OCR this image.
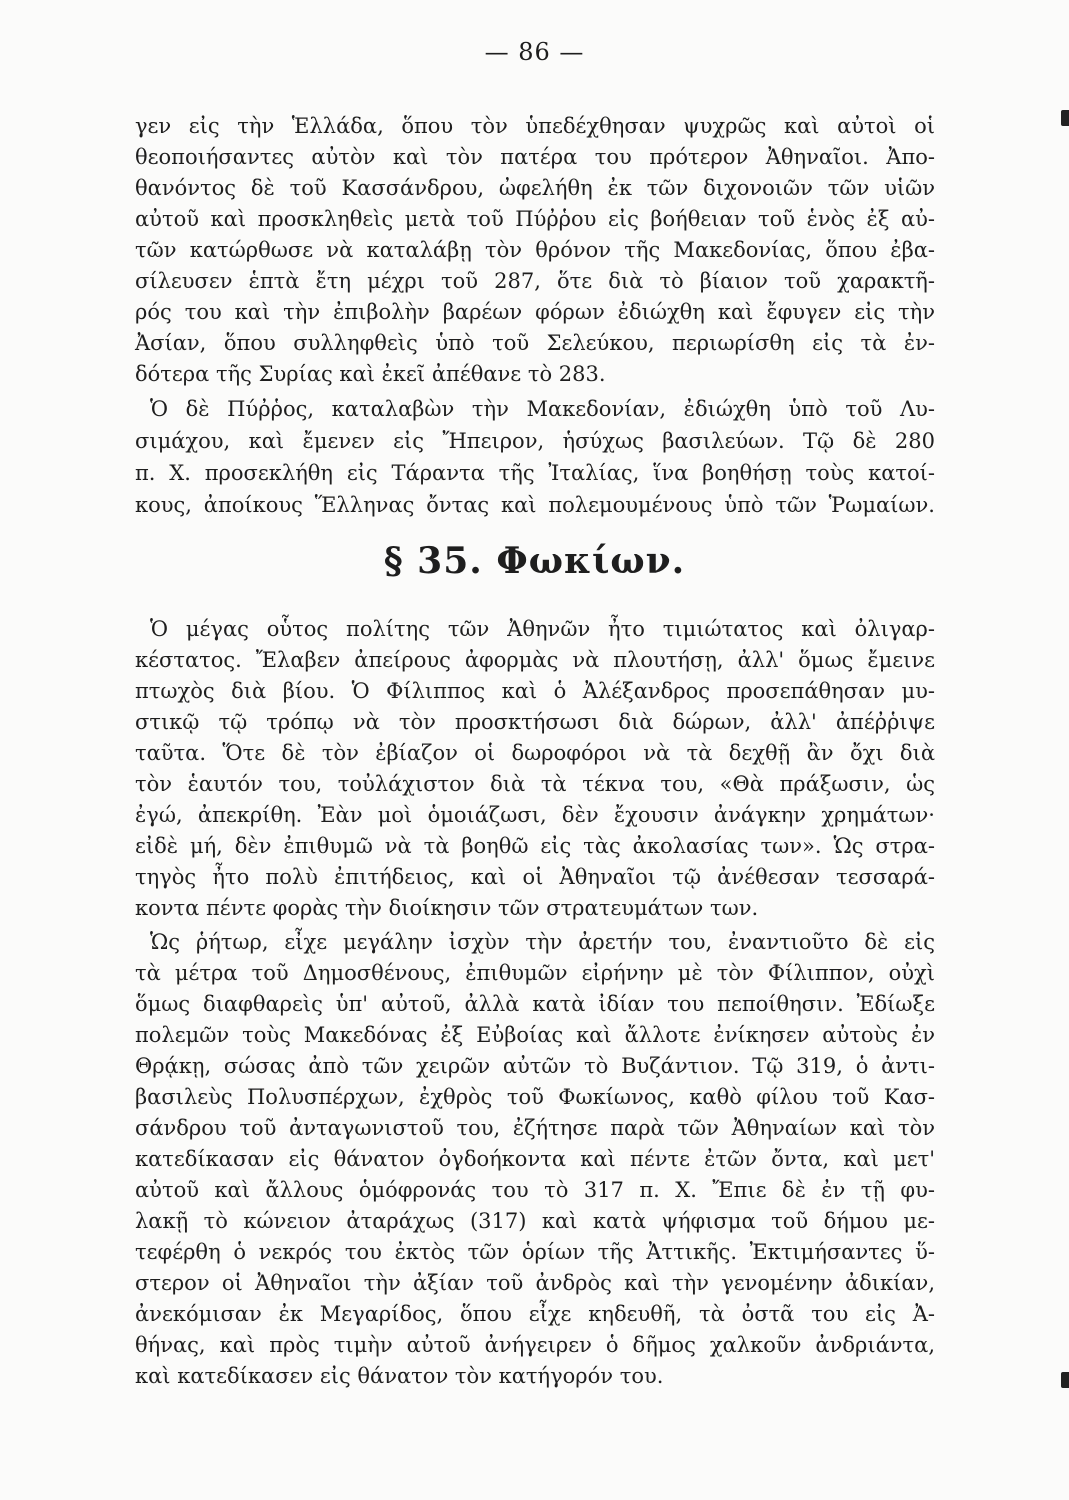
— 86 —
γεν εἰς τὴν Ἑλλάδα, ὅπου τὸν ὑπεδέχθησαν ψυχρῶς καὶ αὐτοὶ οἱ
θεοποιήσαντες αὐτὸν καὶ τὸν πατέρα του πρότερον Ἀθηναῖοι. Ἀπο-
θανόντος δὲ τοῦ Κασσάνδρου, ὠφελήθη ἐκ τῶν διχονοιῶν τῶν υἱῶν
αὐτοῦ καὶ προσκληθεὶς μετὰ τοῦ Πύῤῥου εἰς βοήθειαν τοῦ ἑνὸς ἐξ αὐ-
τῶν κατώρθωσε νὰ καταλάβῃ τὸν θρόνον τῆς Μακεδονίας, ὅπου ἐβα-
σίλευσεν ἑπτὰ ἔτη μέχρι τοῦ 287, ὅτε διὰ τὸ βίαιον τοῦ χαρακτῆ-
ρός του καὶ τὴν ἐπιβολὴν βαρέων φόρων ἐδιώχθη καὶ ἔφυγεν εἰς τὴν
Ἀσίαν, ὅπου συλληφθεὶς ὑπὸ τοῦ Σελεύκου, περιωρίσθη εἰς τὰ ἐν-
δότερα τῆς Συρίας καὶ ἐκεῖ ἀπέθανε τὸ 283.
Ὁ δὲ Πύῤῥος, καταλαβὼν τὴν Μακεδονίαν, ἐδιώχθη ὑπὸ τοῦ Λυ-
σιμάχου, καὶ ἔμενεν εἰς Ἤπειρον, ἡσύχως βασιλεύων. Τῷ δὲ 280
π. Χ. προσεκλήθη εἰς Τάραντα τῆς Ἰταλίας, ἵνα βοηθήσῃ τοὺς κατοί-
κους, ἀποίκους Ἕλληνας ὄντας καὶ πολεμουμένους ὑπὸ τῶν Ῥωμαίων.
§ 35. Φωκίων.
Ὁ μέγας οὗτος πολίτης τῶν Ἀθηνῶν ἦτο τιμιώτατος καὶ ὀλιγαρ-
κέστατος. Ἔλαβεν ἀπείρους ἀφορμὰς νὰ πλουτήσῃ, ἀλλ' ὅμως ἔμεινε
πτωχὸς διὰ βίου. Ὁ Φίλιππος καὶ ὁ Ἀλέξανδρος προσεπάθησαν μυ-
στικῷ τῷ τρόπῳ νὰ τὸν προσκτήσωσι διὰ δώρων, ἀλλ' ἀπέῤῥιψε
ταῦτα. Ὅτε δὲ τὸν ἐβίαζον οἱ δωροφόροι νὰ τὰ δεχθῇ ἂν ὄχι διὰ
τὸν ἑαυτόν του, τοὐλάχιστον διὰ τὰ τέκνα του, «Θὰ πράξωσιν, ὡς
ἐγώ, ἀπεκρίθη. Ἐὰν μοὶ ὁμοιάζωσι, δὲν ἔχουσιν ἀνάγκην χρημάτων·
εἰδὲ μή, δὲν ἐπιθυμῶ νὰ τὰ βοηθῶ εἰς τὰς ἀκολασίας των». Ὡς στρα-
τηγὸς ἦτο πολὺ ἐπιτήδειος, καὶ οἱ Ἀθηναῖοι τῷ ἀνέθεσαν τεσσαρά-
κοντα πέντε φορὰς τὴν διοίκησιν τῶν στρατευμάτων των.
Ὡς ῥήτωρ, εἶχε μεγάλην ἰσχὺν τὴν ἀρετήν του, ἐναντιοῦτο δὲ εἰς
τὰ μέτρα τοῦ Δημοσθένους, ἐπιθυμῶν εἰρήνην μὲ τὸν Φίλιππον, οὐχὶ
ὅμως διαφθαρεὶς ὑπ' αὐτοῦ, ἀλλὰ κατὰ ἰδίαν του πεποίθησιν. Ἐδίωξε
πολεμῶν τοὺς Μακεδόνας ἐξ Εὐβοίας καὶ ἄλλοτε ἐνίκησεν αὐτοὺς ἐν
Θρᾴκῃ, σώσας ἀπὸ τῶν χειρῶν αὐτῶν τὸ Βυζάντιον. Τῷ 319, ὁ ἀντι-
βασιλεὺς Πολυσπέρχων, ἐχθρὸς τοῦ Φωκίωνος, καθὸ φίλου τοῦ Κασ-
σάνδρου τοῦ ἀνταγωνιστοῦ του, ἐζήτησε παρὰ τῶν Ἀθηναίων καὶ τὸν
κατεδίκασαν εἰς θάνατον ὀγδοήκοντα καὶ πέντε ἐτῶν ὄντα, καὶ μετ'
αὐτοῦ καὶ ἄλλους ὁμόφρονάς του τὸ 317 π. Χ. Ἔπιε δὲ ἐν τῇ φυ-
λακῇ τὸ κώνειον ἀταράχως (317) καὶ κατὰ ψήφισμα τοῦ δήμου με-
τεφέρθη ὁ νεκρός του ἐκτὸς τῶν ὁρίων τῆς Ἀττικῆς. Ἐκτιμήσαντες ὕ-
στερον οἱ Ἀθηναῖοι τὴν ἀξίαν τοῦ ἀνδρὸς καὶ τὴν γενομένην ἀδικίαν,
ἀνεκόμισαν ἐκ Μεγαρίδος, ὅπου εἶχε κηδευθῆ, τὰ ὀστᾶ του εἰς Ἀ-
θήνας, καὶ πρὸς τιμὴν αὐτοῦ ἀνήγειρεν ὁ δῆμος χαλκοῦν ἀνδριάντα,
καὶ κατεδίκασεν εἰς θάνατον τὸν κατήγορόν του.
